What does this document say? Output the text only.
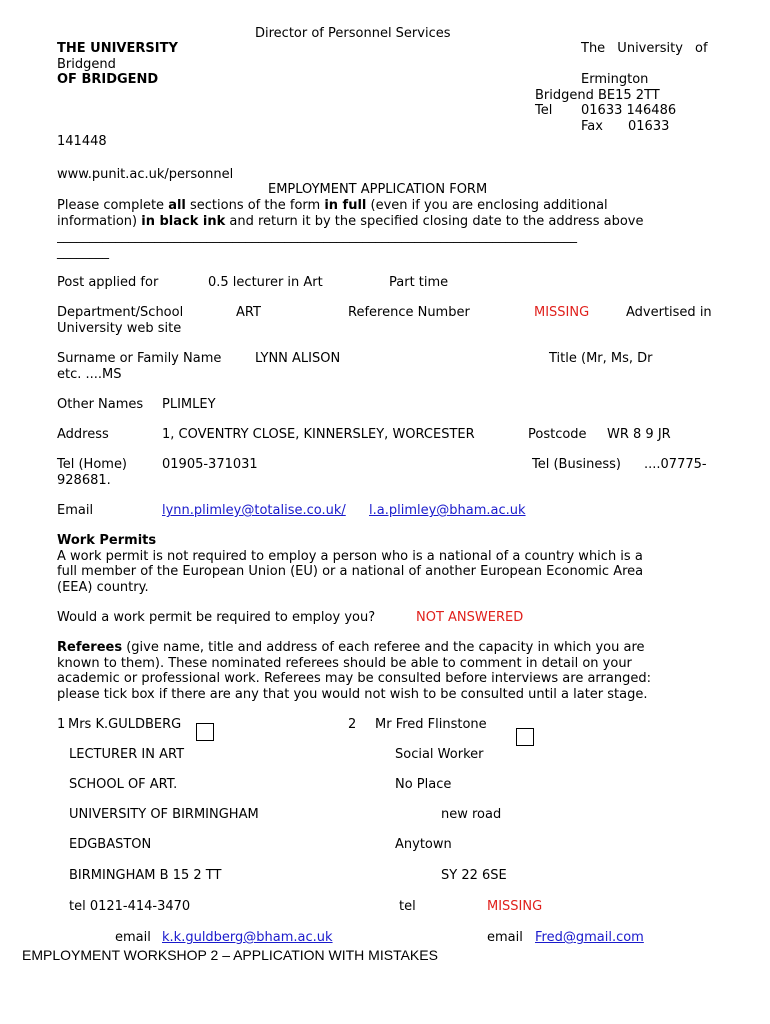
Director of Personnel Services
THE UNIVERSITY
Bridgend
OF BRIDGEND
The University of
Ermington
Bridgend BE15 2TT
Tel 01633 146486
Fax 01633
141448
www.punit.ac.uk/personnel
EMPLOYMENT APPLICATION FORM
Please complete all sections of the form in full (even if you are enclosing additional
information) in black ink and return it by the specified closing date to the address above
________________________________________________________________________________
________
Post applied for	0.5 lecturer in Art	Part time
Department/School	ART	Reference Number	MISSING	Advertised in
University web site
Surname or Family Name	LYNN ALISON	Title (Mr, Ms, Dr
etc. ....MS
Other Names PLIMLEY
Address	1, COVENTRY CLOSE, KINNERSLEY, WORCESTER	Postcode WR 8 9 JR
Tel (Home)	01905-371031	Tel (Business) ....07775-
928681.
Email	lynn.plimley@totalise.co.uk/ l.a.plimley@bham.ac.uk
Work Permits
A work permit is not required to employ a person who is a national of a country which is a
full member of the European Union (EU) or a national of another European Economic Area
(EEA) country.
Would a work permit be required to employ you?	NOT ANSWERED
Referees (give name, title and address of each referee and the capacity in which you are
known to them). These nominated referees should be able to comment in detail on your
academic or professional work. Referees may be consulted before interviews are arranged:
please tick box if there are any that you would not wish to be consulted until a later stage.
1 Mrs K.GULDBERG
LECTURER IN ART
SCHOOL OF ART.
UNIVERSITY OF BIRMINGHAM
EDGBASTON
BIRMINGHAM B 15 2 TT
tel 0121-414-3470
email k.k.guldberg@bham.ac.uk
2 Mr Fred Flinstone
Social Worker
No Place
new road
Anytown
SY 22 6SE
tel	MISSING
email Fred@gmail.com
EMPLOYMENT WORKSHOP 2 – APPLICATION WITH MISTAKES
